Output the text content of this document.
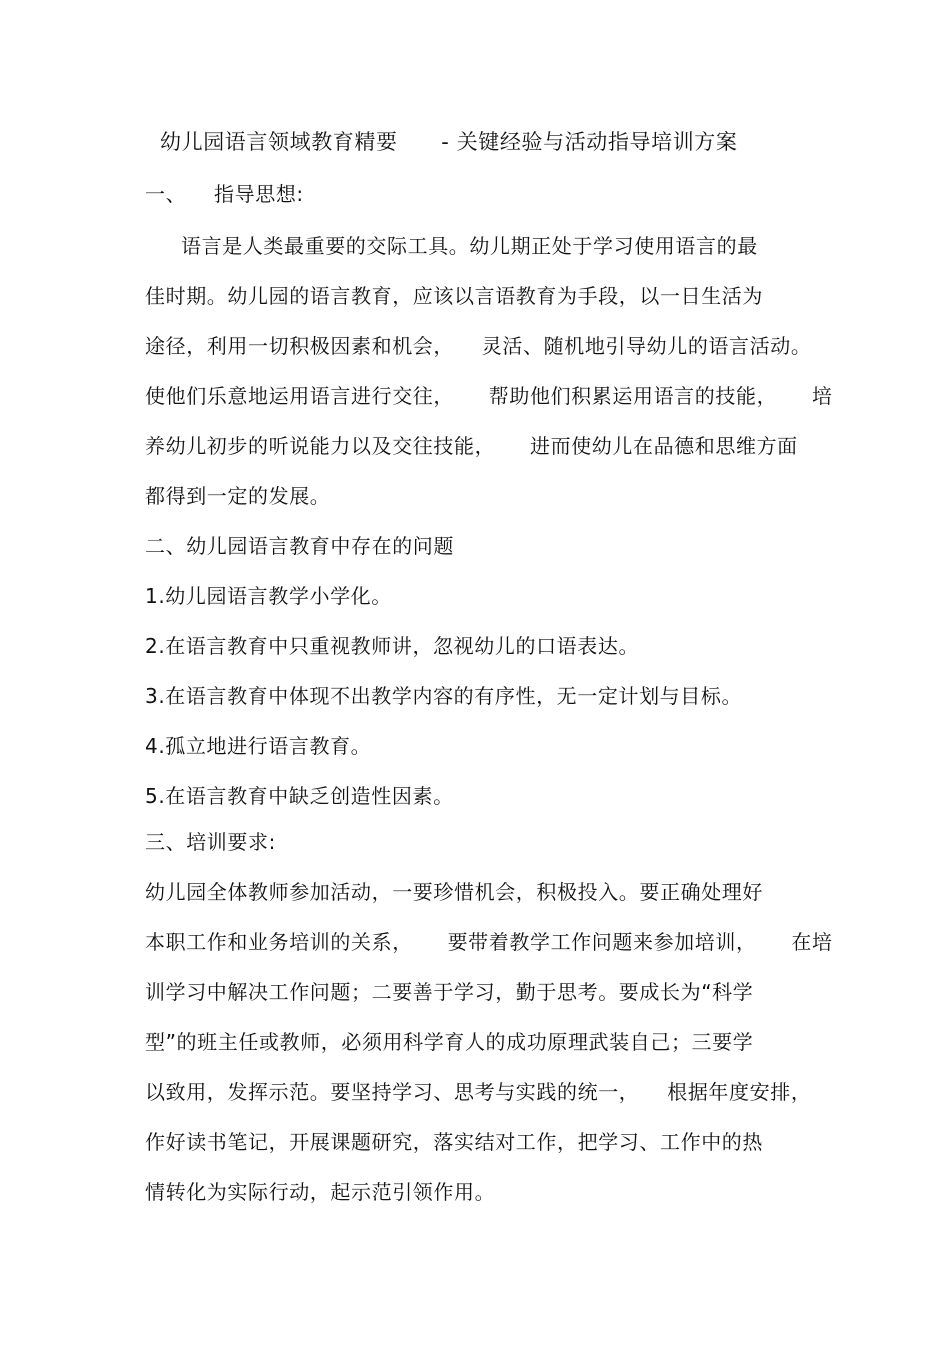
幼儿园语言领域教育精要      - 关键经验与活动指导培训方案
一、    指导思想:
语言是人类最重要的交际工具。幼儿期正处于学习使用语言的最
佳时期。幼儿园的语言教育，应该以言语教育为手段，以一日生活为
途径，利用一切积极因素和机会，    灵活、随机地引导幼儿的语言活动。
使他们乐意地运用语言进行交往，     帮助他们积累运用语言的技能，     培
养幼儿初步的听说能力以及交往技能，     进而使幼儿在品德和思维方面
都得到一定的发展。
二、幼儿园语言教育中存在的问题
1.幼儿园语言教学小学化。
2.在语言教育中只重视教师讲，忽视幼儿的口语表达。
3.在语言教育中体现不出教学内容的有序性，无一定计划与目标。
4.孤立地进行语言教育。
5.在语言教育中缺乏创造性因素。
三、培训要求:
幼儿园全体教师参加活动，一要珍惜机会，积极投入。要正确处理好
本职工作和业务培训的关系，     要带着教学工作问题来参加培训，     在培
训学习中解决工作问题；二要善于学习，勤于思考。要成长为“科学
型”的班主任或教师，必须用科学育人的成功原理武装自己；三要学
以致用，发挥示范。要坚持学习、思考与实践的统一，    根据年度安排，
作好读书笔记，开展课题研究，落实结对工作，把学习、工作中的热
情转化为实际行动，起示范引领作用。
